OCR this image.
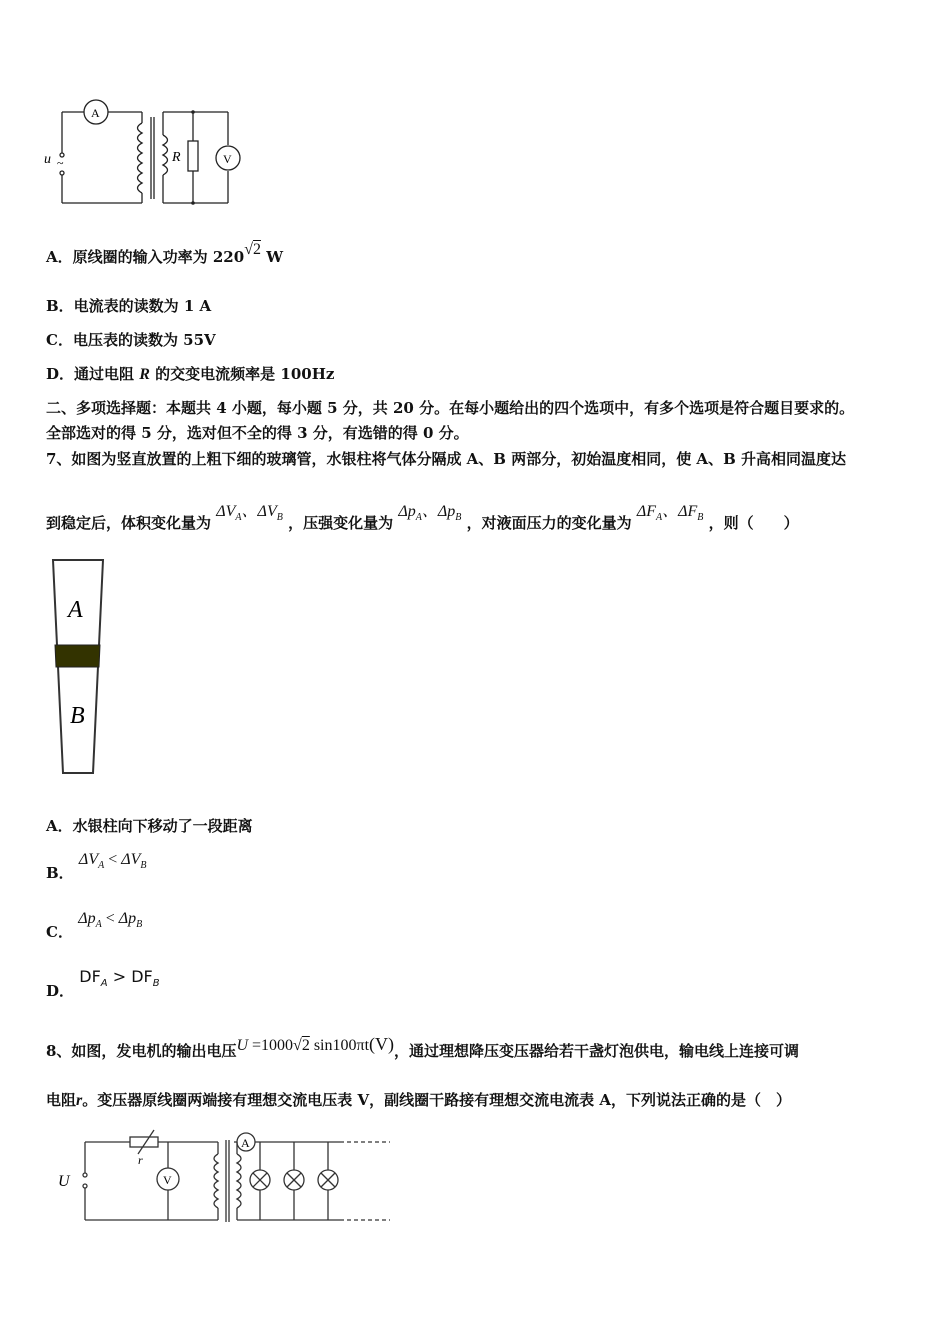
A
V
R
u ~
A．原线圈的输入功率为 220√2 W
B．电流表的读数为 1 A
C．电压表的读数为 55V
D．通过电阻 R 的交变电流频率是 100Hz
二、多项选择题：本题共 4 小题，每小题 5 分，共 20 分。在每小题给出的四个选项中，有多个选项是符合题目要求的。
全部选对的得 5 分，选对但不全的得 3 分，有选错的得 0 分。
7、如图为竖直放置的上粗下细的玻璃管，水银柱将气体分隔成 A、B 两部分，初始温度相同，使 A、B 升高相同温度达
到稳定后，体积变化量为 $\Delta V_A$、$\Delta V_B$ ，压强变化量为 $\Delta p_A$、$\Delta p_B$ ，对液面压力的变化量为 $\Delta F_A$、$\Delta F_B$ ，则（　　）
A
B
A．水银柱向下移动了一段距离
B． $\Delta V_A < \Delta V_B$
C． $\Delta p_A < \Delta p_B$
D． $DF_A > DF_B$
8、如图，发电机的输出电压U =1000√2 sin100πt(V)，通过理想降压变压器给若干盏灯泡供电，输电线上连接可调
电阻r。变压器原线圈两端接有理想交流电压表 V，副线圈干路接有理想交流电流表 A，下列说法正确的是（　）
U
r
V
A
